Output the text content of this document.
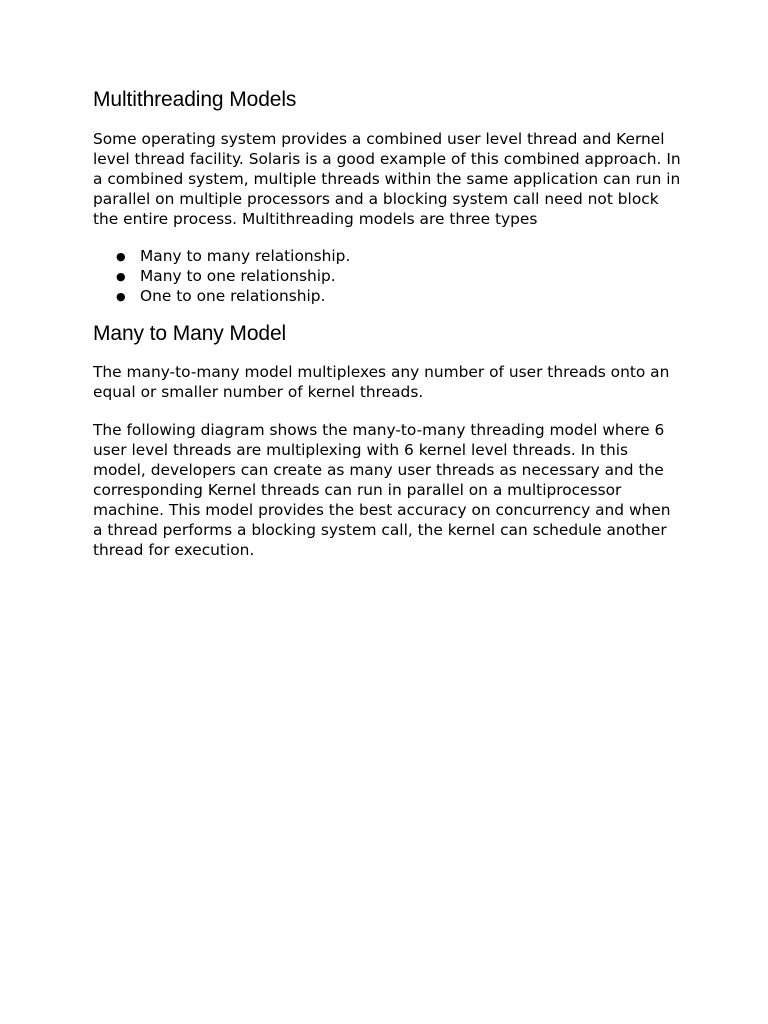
Multithreading Models

Some operating system provides a combined user level thread and Kernel level thread facility. Solaris is a good example of this combined approach. In a combined system, multiple threads within the same application can run in parallel on multiple processors and a blocking system call need not block the entire process. Multithreading models are three types

● Many to many relationship.
● Many to one relationship.
● One to one relationship.
Many to Many Model

The many-to-many model multiplexes any number of user threads onto an equal or smaller number of kernel threads.

The following diagram shows the many-to-many threading model where 6 user level threads are multiplexing with 6 kernel level threads. In this model, developers can create as many user threads as necessary and the corresponding Kernel threads can run in parallel on a multiprocessor machine. This model provides the best accuracy on concurrency and when a thread performs a blocking system call, the kernel can schedule another thread for execution.
